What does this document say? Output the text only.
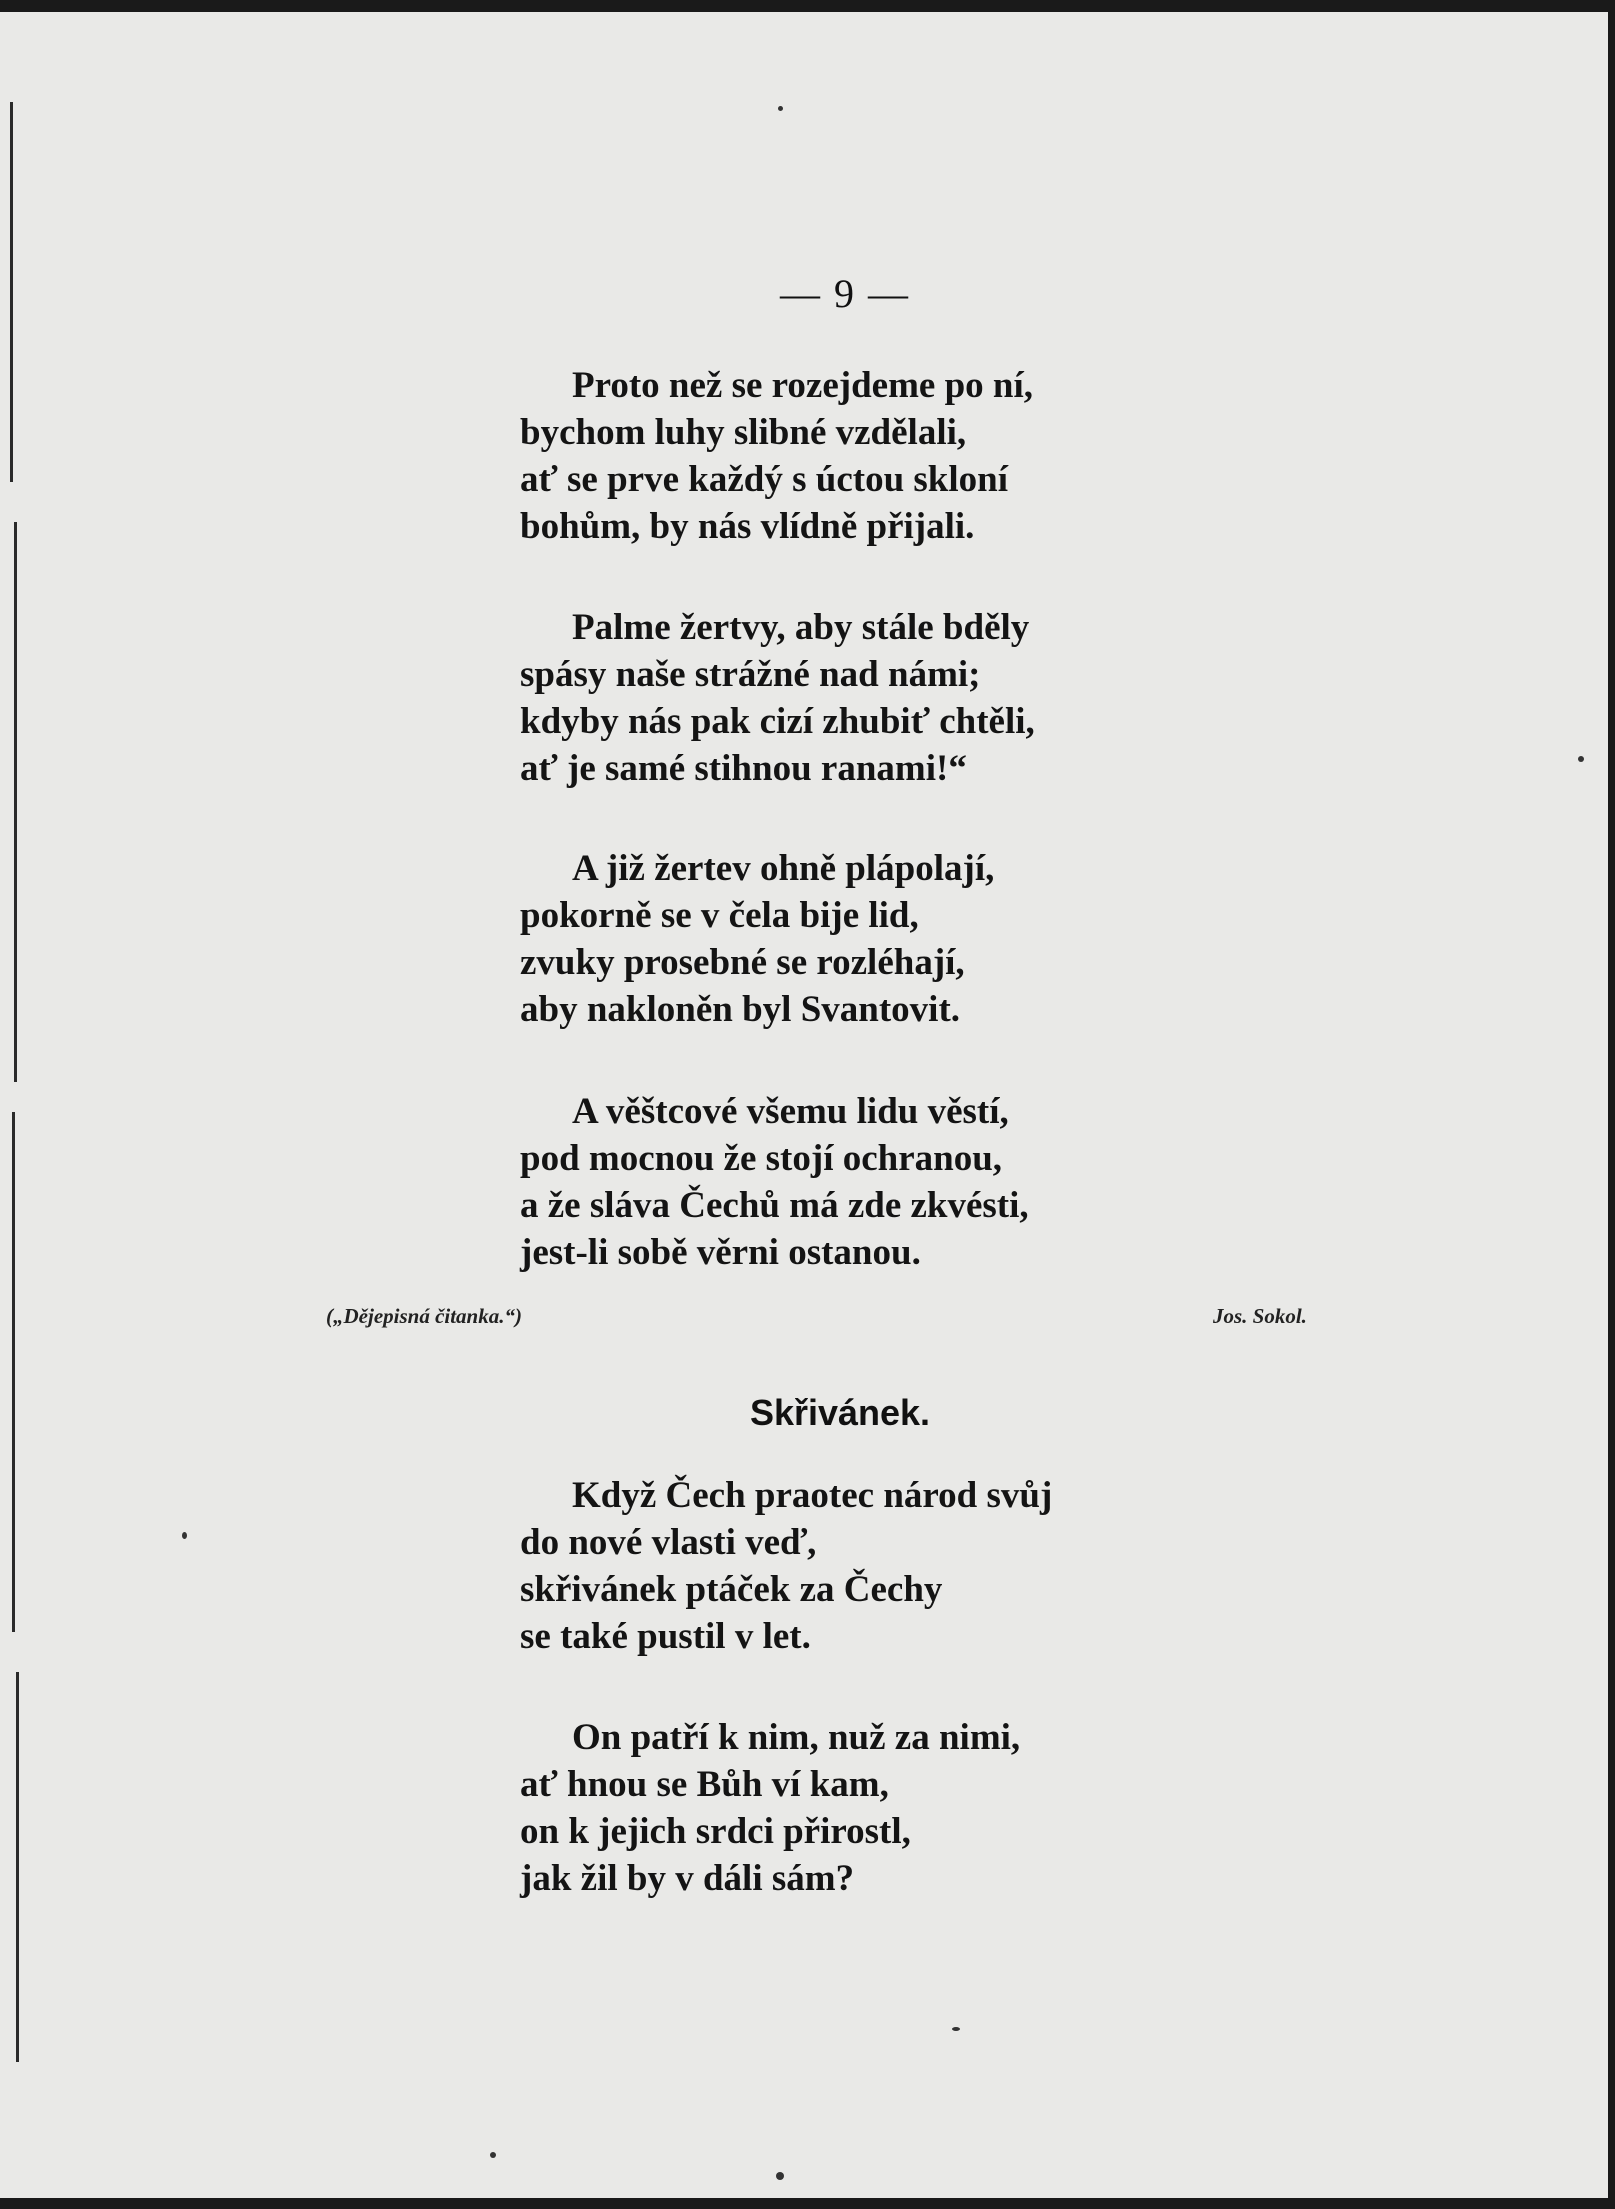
— 9 —
Proto než se rozejdeme po ní,
bychom luhy slibné vzdělali,
ať se prve každý s úctou skloní
bohům, by nás vlídně přijali.
Palme žertvy, aby stále bděly
spásy naše strážné nad námi;
kdyby nás pak cizí zhubiť chtěli,
ať je samé stihnou ranami!“
A již žertev ohně plápolají,
pokorně se v čela bije lid,
zvuky prosebné se rozléhají,
aby nakloněn byl Svantovit.
A věštcové všemu lidu věstí,
pod mocnou že stojí ochranou,
a že sláva Čechů má zde zkvésti,
jest-li sobě věrni ostanou.
(„Dějepisná čitanka.“)	Jos. Sokol.
Skřivánek.
Když Čech praotec národ svůj
do nové vlasti veď,
skřivánek ptáček za Čechy
se také pustil v let.
On patří k nim, nuž za nimi,
ať hnou se Bůh ví kam,
on k jejich srdci přirostl,
jak žil by v dáli sám?
